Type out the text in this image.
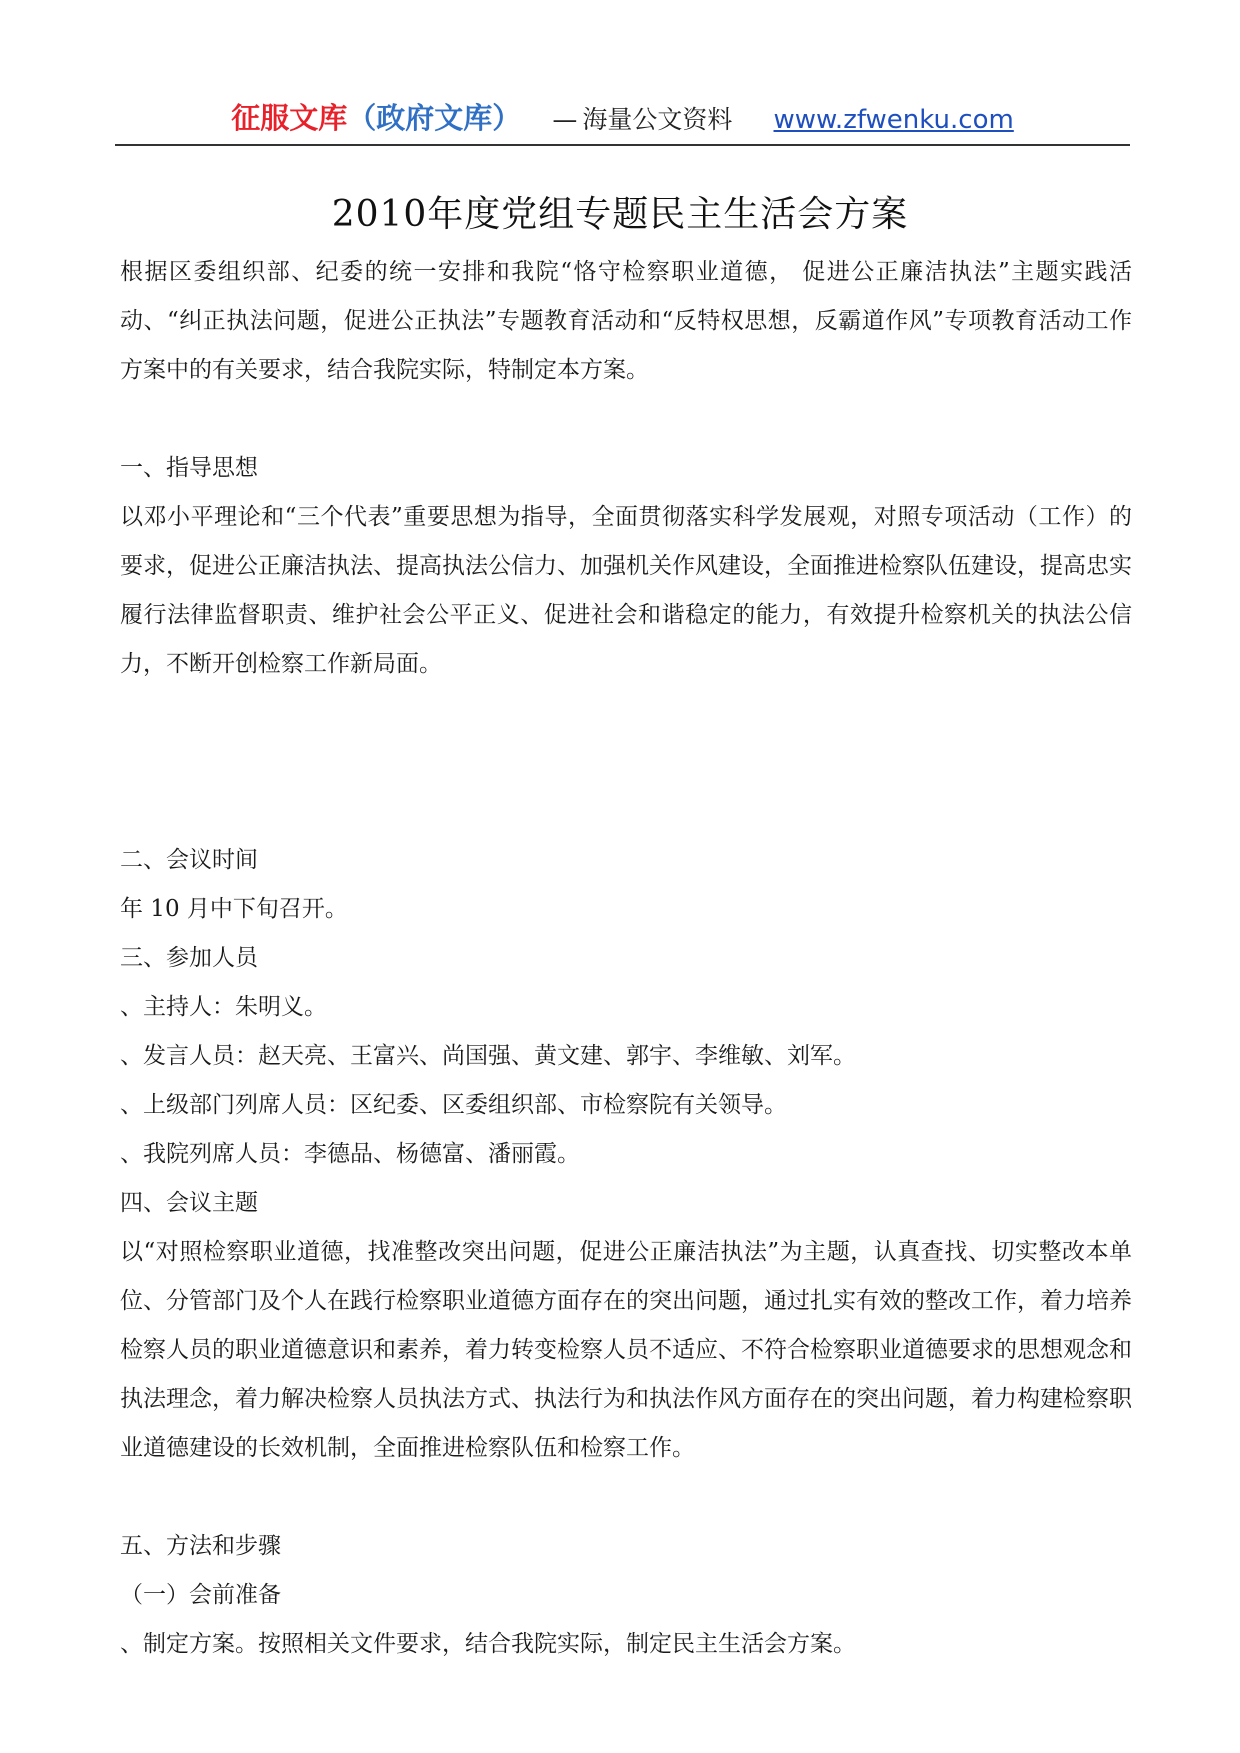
征服文库（政府文库） — 海量公文资料 www.zfwenku.com
2010年度党组专题民主生活会方案

根据区委组织部、纪委的统一安排和我院“恪守检察职业道德， 促进公正廉洁执法”主题实践活动、“纠正执法问题，促进公正执法”专题教育活动和“反特权思想，反霸道作风”专项教育活动工作方案中的有关要求，结合我院实际，特制定本方案。

一、指导思想

以邓小平理论和“三个代表”重要思想为指导，全面贯彻落实科学发展观，对照专项活动（工作）的要求，促进公正廉洁执法、提高执法公信力、加强机关作风建设，全面推进检察队伍建设，提高忠实履行法律监督职责、维护社会公平正义、促进社会和谐稳定的能力，有效提升检察机关的执法公信力，不断开创检察工作新局面。

二、会议时间

年 10 月中下旬召开。

三、参加人员

、主持人：朱明义。

、发言人员：赵天亮、王富兴、尚国强、黄文建、郭宇、李维敏、刘军。

、上级部门列席人员：区纪委、区委组织部、市检察院有关领导。

、我院列席人员：李德品、杨德富、潘丽霞。

四、会议主题

以“对照检察职业道德，找准整改突出问题，促进公正廉洁执法”为主题，认真查找、切实整改本单位、分管部门及个人在践行检察职业道德方面存在的突出问题，通过扎实有效的整改工作，着力培养检察人员的职业道德意识和素养，着力转变检察人员不适应、不符合检察职业道德要求的思想观念和执法理念，着力解决检察人员执法方式、执法行为和执法作风方面存在的突出问题，着力构建检察职业道德建设的长效机制，全面推进检察队伍和检察工作。

五、方法和步骤

（一）会前准备

、制定方案。按照相关文件要求，结合我院实际，制定民主生活会方案。
